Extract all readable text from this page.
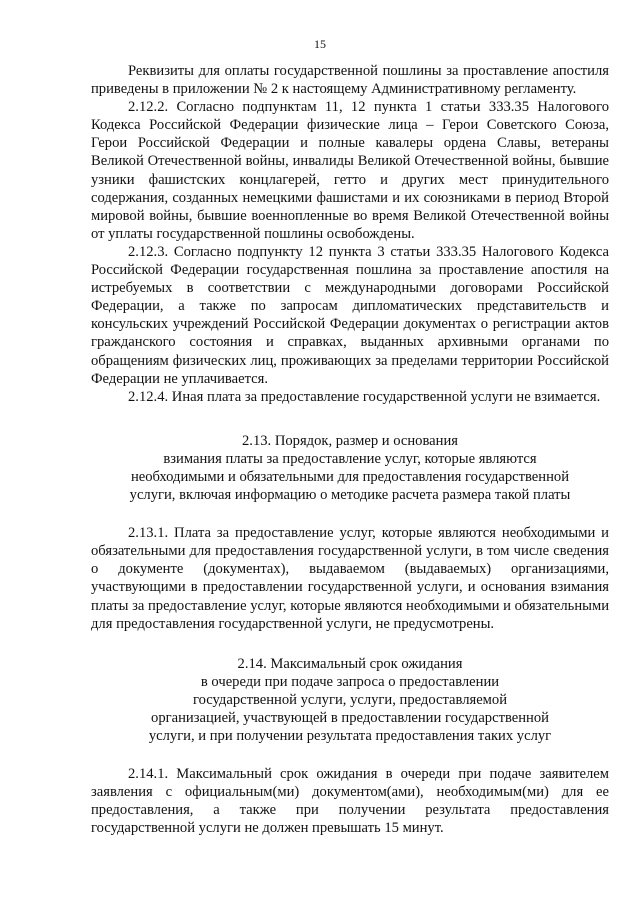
15

Реквизиты для оплаты государственной пошлины за проставление апостиля приведены в приложении № 2 к настоящему Административному регламенту.

2.12.2. Согласно подпунктам 11, 12 пункта 1 статьи 333.35 Налогового Кодекса Российской Федерации физические лица – Герои Советского Союза, Герои Российской Федерации и полные кавалеры ордена Славы, ветераны Великой Отечественной войны, инвалиды Великой Отечественной войны, бывшие узники фашистских концлагерей, гетто и других мест принудительного содержания, созданных немецкими фашистами и их союзниками в период Второй мировой войны, бывшие военнопленные во время Великой Отечественной войны от уплаты государственной пошлины освобождены.

2.12.3. Согласно подпункту 12 пункта 3 статьи 333.35 Налогового Кодекса Российской Федерации государственная пошлина за проставление апостиля на истребуемых в соответствии с международными договорами Российской Федерации, а также по запросам дипломатических представительств и консульских учреждений Российской Федерации документах о регистрации актов гражданского состояния и справках, выданных архивными органами по обращениям физических лиц, проживающих за пределами территории Российской Федерации не уплачивается.

2.12.4. Иная плата за предоставление государственной услуги не взимается.

2.13. Порядок, размер и основания
взимания платы за предоставление услуг, которые являются
необходимыми и обязательными для предоставления государственной
услуги, включая информацию о методике расчета размера такой платы

2.13.1. Плата за предоставление услуг, которые являются необходимыми и обязательными для предоставления государственной услуги, в том числе сведения о документе (документах), выдаваемом (выдаваемых) организациями, участвующими в предоставлении государственной услуги, и основания взимания платы за предоставление услуг, которые являются необходимыми и обязательными для предоставления государственной услуги, не предусмотрены.

2.14. Максимальный срок ожидания
в очереди при подаче запроса о предоставлении
государственной услуги, услуги, предоставляемой
организацией, участвующей в предоставлении государственной
услуги, и при получении результата предоставления таких услуг

2.14.1. Максимальный срок ожидания в очереди при подаче заявителем заявления с официальным(ми) документом(ами), необходимым(ми) для ее предоставления, а также при получении результата предоставления государственной услуги не должен превышать 15 минут.
